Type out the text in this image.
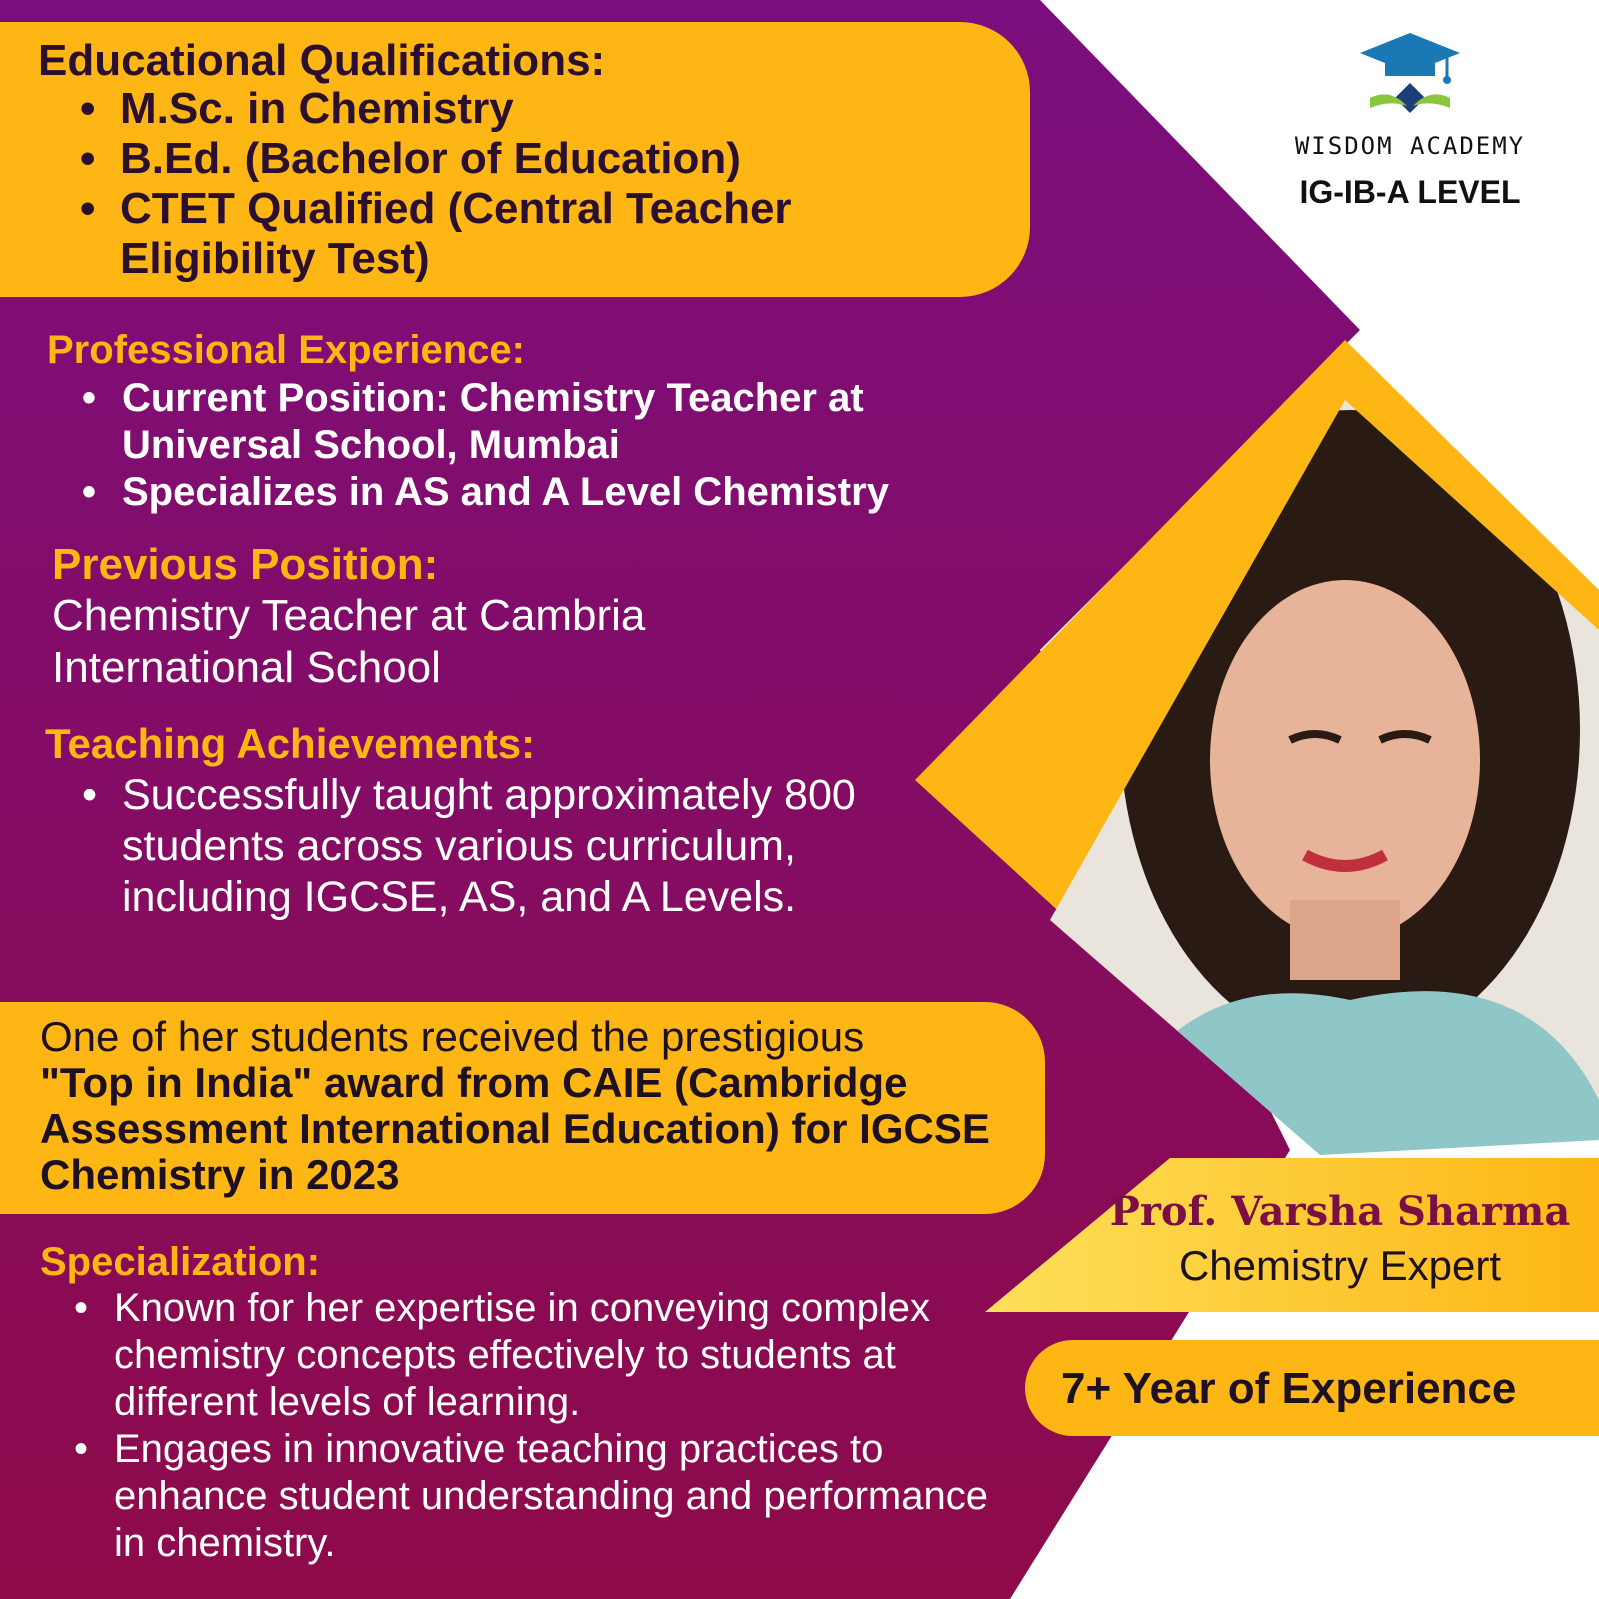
WISDOM ACADEMY
IG-IB-A LEVEL
Educational Qualifications:
• M.Sc. in Chemistry
• B.Ed. (Bachelor of Education)
• CTET Qualified (Central Teacher Eligibility Test)
Professional Experience:
• Current Position: Chemistry Teacher at Universal School, Mumbai
• Specializes in AS and A Level Chemistry
Previous Position:
Chemistry Teacher at Cambria International School
Teaching Achievements:
• Successfully taught approximately 800 students across various curriculum, including IGCSE, AS, and A Levels.
One of her students received the prestigious
"Top in India" award from CAIE (Cambridge Assessment International Education) for IGCSE Chemistry in 2023
Specialization:
• Known for her expertise in conveying complex chemistry concepts effectively to students at different levels of learning.
• Engages in innovative teaching practices to enhance student understanding and performance in chemistry.
Prof. Varsha Sharma
Chemistry Expert
7+ Year of Experience
